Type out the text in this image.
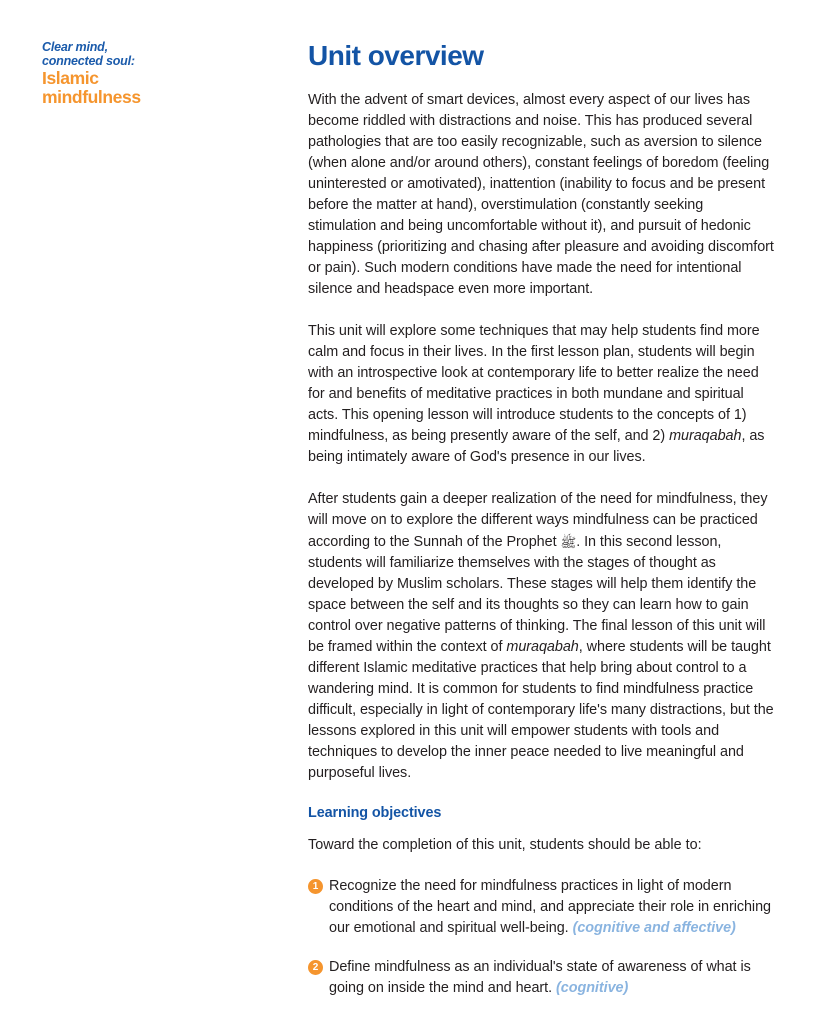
Clear mind,
connected soul:
Islamic
mindfulness
Unit overview

With the advent of smart devices, almost every aspect of our lives has become riddled with distractions and noise. This has produced several pathologies that are too easily recognizable, such as aversion to silence (when alone and/or around others), constant feelings of boredom (feeling uninterested or amotivated), inattention (inability to focus and be present before the matter at hand), overstimulation (constantly seeking stimulation and being uncomfortable without it), and pursuit of hedonic happiness (prioritizing and chasing after pleasure and avoiding discomfort or pain). Such modern conditions have made the need for intentional silence and headspace even more important.

This unit will explore some techniques that may help students find more calm and focus in their lives. In the first lesson plan, students will begin with an introspective look at contemporary life to better realize the need for and benefits of meditative practices in both mundane and spiritual acts. This opening lesson will introduce students to the concepts of 1) mindfulness, as being presently aware of the self, and 2) muraqabah, as being intimately aware of God's presence in our lives.

After students gain a deeper realization of the need for mindfulness, they will move on to explore the different ways mindfulness can be practiced according to the Sunnah of the Prophet ﷺ. In this second lesson, students will familiarize themselves with the stages of thought as developed by Muslim scholars. These stages will help them identify the space between the self and its thoughts so they can learn how to gain control over negative patterns of thinking. The final lesson of this unit will be framed within the context of muraqabah, where students will be taught different Islamic meditative practices that help bring about control to a wandering mind. It is common for students to find mindfulness practice difficult, especially in light of contemporary life's many distractions, but the lessons explored in this unit will empower students with tools and techniques to develop the inner peace needed to live meaningful and purposeful lives.

Learning objectives

Toward the completion of this unit, students should be able to:

1 Recognize the need for mindfulness practices in light of modern conditions of the heart and mind, and appreciate their role in enriching our emotional and spiritual well-being. (cognitive and affective)
2 Define mindfulness as an individual's state of awareness of what is going on inside the mind and heart. (cognitive)
